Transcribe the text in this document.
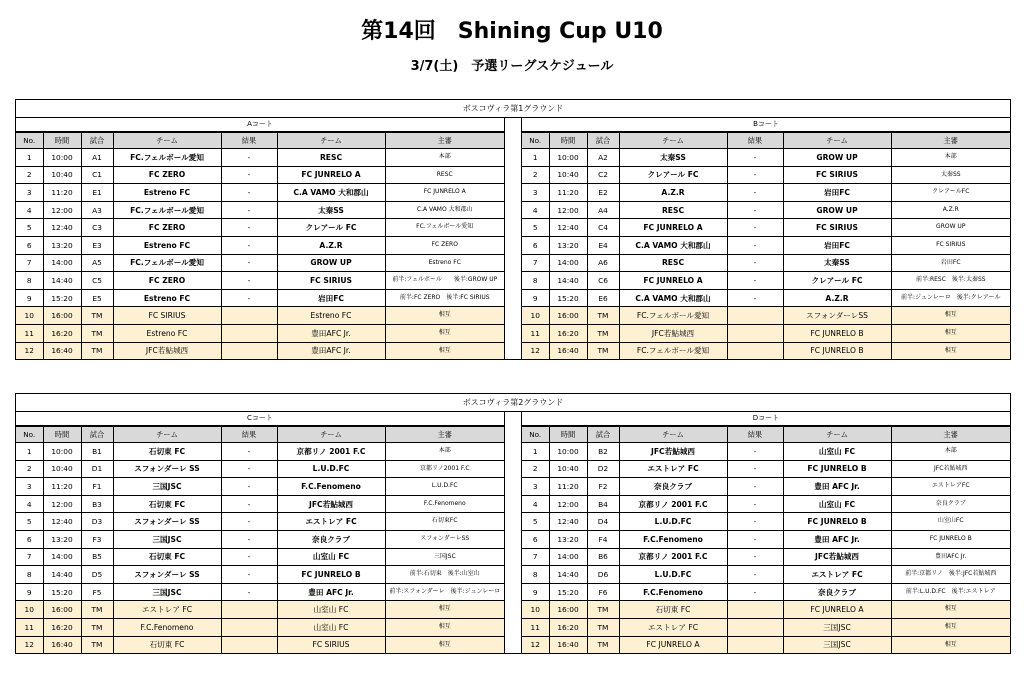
第14回　Shining Cup U10
3/7(土)　予選リーグスケジュール
ボスコヴィラ第1グラウンド
Aコート
No.	時間	試合	チーム	結果	チーム	主審
1	10:00	A1	FC.フェルボール愛知	-	RESC	本部
2	10:40	C1	FC ZERO	-	FC JUNRELO A	RESC
3	11:20	E1	Estreno FC	-	C.A VAMO 大和郡山	FC JUNRELO A
4	12:00	A3	FC.フェルボール愛知	-	太秦SS	C.A VAMO 大和郡山
5	12:40	C3	FC ZERO	-	クレアール FC	FC.フェルボール愛知
6	13:20	E3	Estreno FC	-	A.Z.R	FC ZERO
7	14:00	A5	FC.フェルボール愛知	-	GROW UP	Estreno FC
8	14:40	C5	FC ZERO	-	FC SIRIUS	前半:フェルボール　　後半:GROW UP
9	15:20	E5	Estreno FC	-	岩田FC	前半:FC ZERO　後半:FC SIRIUS
10	16:00	TM	FC SIRIUS		Estreno FC	相互
11	16:20	TM	Estreno FC		豊田AFC Jr.	相互
12	16:40	TM	JFC若鮎城西		豊田AFC Jr.	相互
Bコート
No.	時間	試合	チーム	結果	チーム	主審
1	10:00	A2	太秦SS	-	GROW UP	本部
2	10:40	C2	クレアール FC	-	FC SIRIUS	太秦SS
3	11:20	E2	A.Z.R	-	岩田FC	クレアールFC
4	12:00	A4	RESC	-	GROW UP	A.Z.R
5	12:40	C4	FC JUNRELO A	-	FC SIRIUS	GROW UP
6	13:20	E4	C.A VAMO 大和郡山	-	岩田FC	FC SIRIUS
7	14:00	A6	RESC	-	太秦SS	岩田FC
8	14:40	C6	FC JUNRELO A	-	クレアール FC	前半:RESC　後半:太秦SS
9	15:20	E6	C.A VAMO 大和郡山	-	A.Z.R	前半:ジュンレーロ　後半:クレアール
10	16:00	TM	FC.フェルボール愛知		スフォンダーレSS	相互
11	16:20	TM	JFC若鮎城西		FC JUNRELO B	相互
12	16:40	TM	FC.フェルボール愛知		FC JUNRELO B	相互
ボスコヴィラ第2グラウンド
Cコート
No.	時間	試合	チーム	結果	チーム	主審
1	10:00	B1	石切東 FC	-	京都リノ 2001 F.C	本部
2	10:40	D1	スフォンダーレ SS	-	L.U.D.FC	京都リノ2001 F.C
3	11:20	F1	三国JSC	-	F.C.Fenomeno	L.U.D.FC
4	12:00	B3	石切東 FC	-	JFC若鮎城西	F.C.Fenomeno
5	12:40	D3	スフォンダーレ SS	-	エストレア FC	石切東FC
6	13:20	F3	三国JSC	-	奈良クラブ	スフォンダーレSS
7	14:00	B5	石切東 FC	-	山室山 FC	三国JSC
8	14:40	D5	スフォンダーレ SS	-	FC JUNRELO B	前半:石切東　後半:山室山
9	15:20	F5	三国JSC	-	豊田 AFC Jr.	前半:スフォンダーレ　後半:ジュンレーロ
10	16:00	TM	エストレア FC		山室山 FC	相互
11	16:20	TM	F.C.Fenomeno		山室山 FC	相互
12	16:40	TM	石切東 FC		FC SIRIUS	相互
Dコート
No.	時間	試合	チーム	結果	チーム	主審
1	10:00	B2	JFC若鮎城西	-	山室山 FC	本部
2	10:40	D2	エストレア FC	-	FC JUNRELO B	JFC若鮎城西
3	11:20	F2	奈良クラブ	-	豊田 AFC Jr.	エストレアFC
4	12:00	B4	京都リノ 2001 F.C	-	山室山 FC	奈良クラブ
5	12:40	D4	L.U.D.FC	-	FC JUNRELO B	山室山FC
6	13:20	F4	F.C.Fenomeno	-	豊田 AFC Jr.	FC JUNRELO B
7	14:00	B6	京都リノ 2001 F.C	-	JFC若鮎城西	豊田AFC Jr.
8	14:40	D6	L.U.D.FC	-	エストレア FC	前半:京都リノ　後半:JFC若鮎城西
9	15:20	F6	F.C.Fenomeno	-	奈良クラブ	前半:L.U.D.FC　後半:エストレア
10	16:00	TM	石切東 FC		FC JUNRELO A	相互
11	16:20	TM	エストレア FC		三国JSC	相互
12	16:40	TM	FC JUNRELO A		三国JSC	相互
